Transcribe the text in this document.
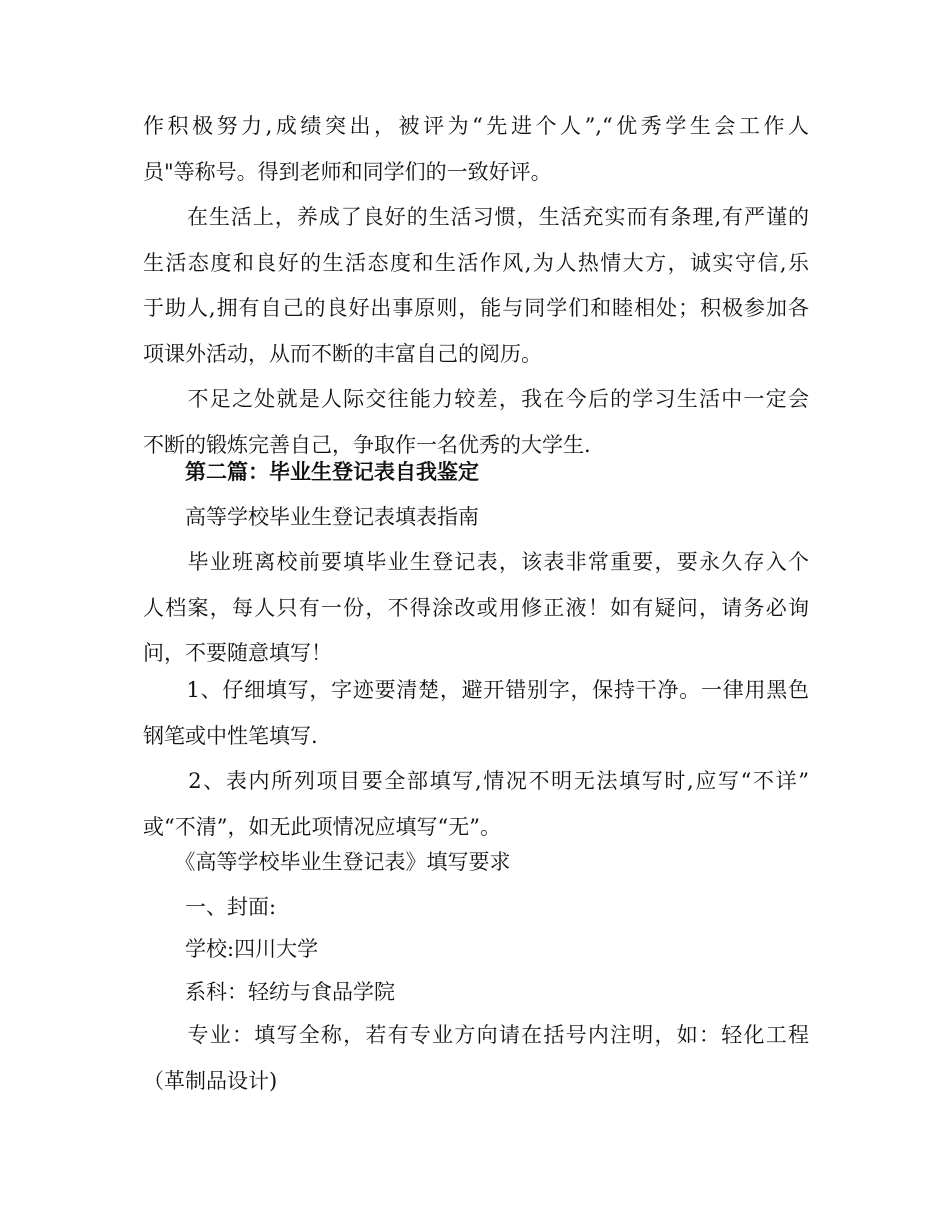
作积极努力,成绩突出，被评为“先进个人”,“优秀学生会工作人
员"等称号。得到老师和同学们的一致好评。

　　在生活上，养成了良好的生活习惯，生活充实而有条理,有严谨的
生活态度和良好的生活态度和生活作风,为人热情大方，诚实守信,乐
于助人,拥有自己的良好出事原则，能与同学们和睦相处；积极参加各
项课外活动，从而不断的丰富自己的阅历。

　　不足之处就是人际交往能力较差，我在今后的学习生活中一定会
不断的锻炼完善自己，争取作一名优秀的大学生.

第二篇：毕业生登记表自我鉴定

　　高等学校毕业生登记表填表指南

　　毕业班离校前要填毕业生登记表，该表非常重要，要永久存入个
人档案，每人只有一份，不得涂改或用修正液！如有疑问，请务必询
问，不要随意填写！

　　1、仔细填写，字迹要清楚，避开错别字，保持干净。一律用黑色
钢笔或中性笔填写.

　　2、表内所列项目要全部填写,情况不明无法填写时,应写“不详”
或“不清”，如无此项情况应填写“无”。

　　《高等学校毕业生登记表》填写要求

　　一、封面:

　　学校:四川大学

　　系科：轻纺与食品学院

　　专业：填写全称，若有专业方向请在括号内注明，如：轻化工程
（革制品设计)
